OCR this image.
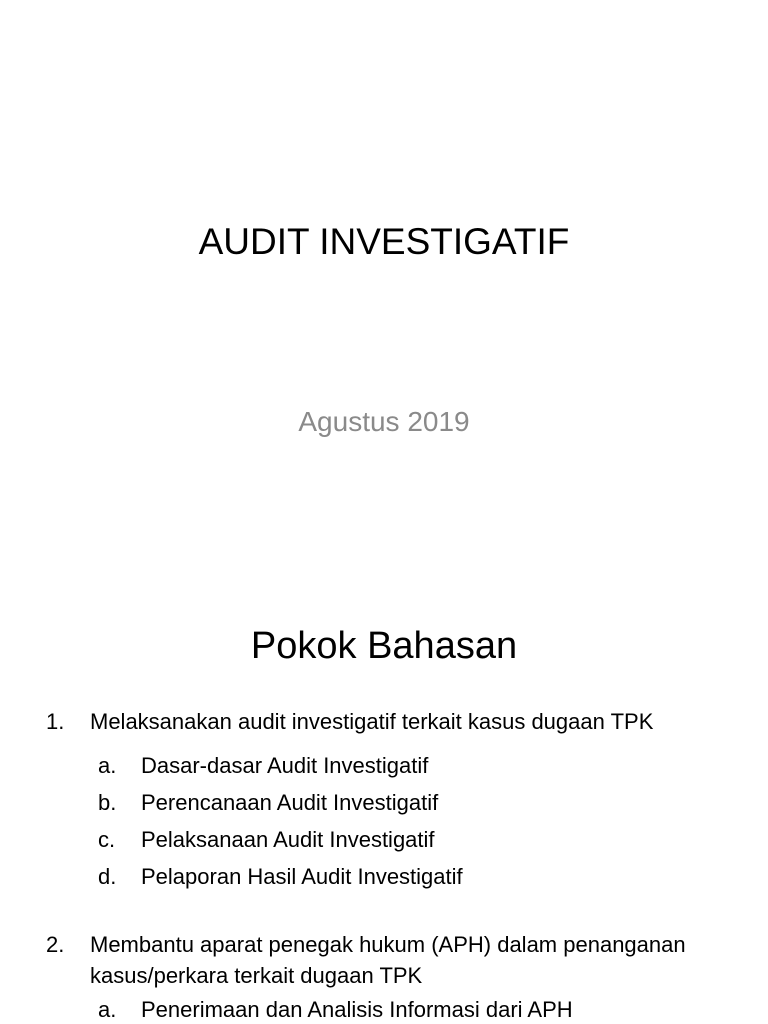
AUDIT INVESTIGATIF
Agustus 2019
Pokok Bahasan
1. Melaksanakan audit investigatif terkait kasus dugaan TPK
a. Dasar-dasar Audit Investigatif
b. Perencanaan Audit Investigatif
c. Pelaksanaan Audit Investigatif
d. Pelaporan Hasil Audit Investigatif
2. Membantu aparat penegak hukum (APH) dalam penanganan
kasus/perkara terkait dugaan TPK
a. Penerimaan dan Analisis Informasi dari APH
